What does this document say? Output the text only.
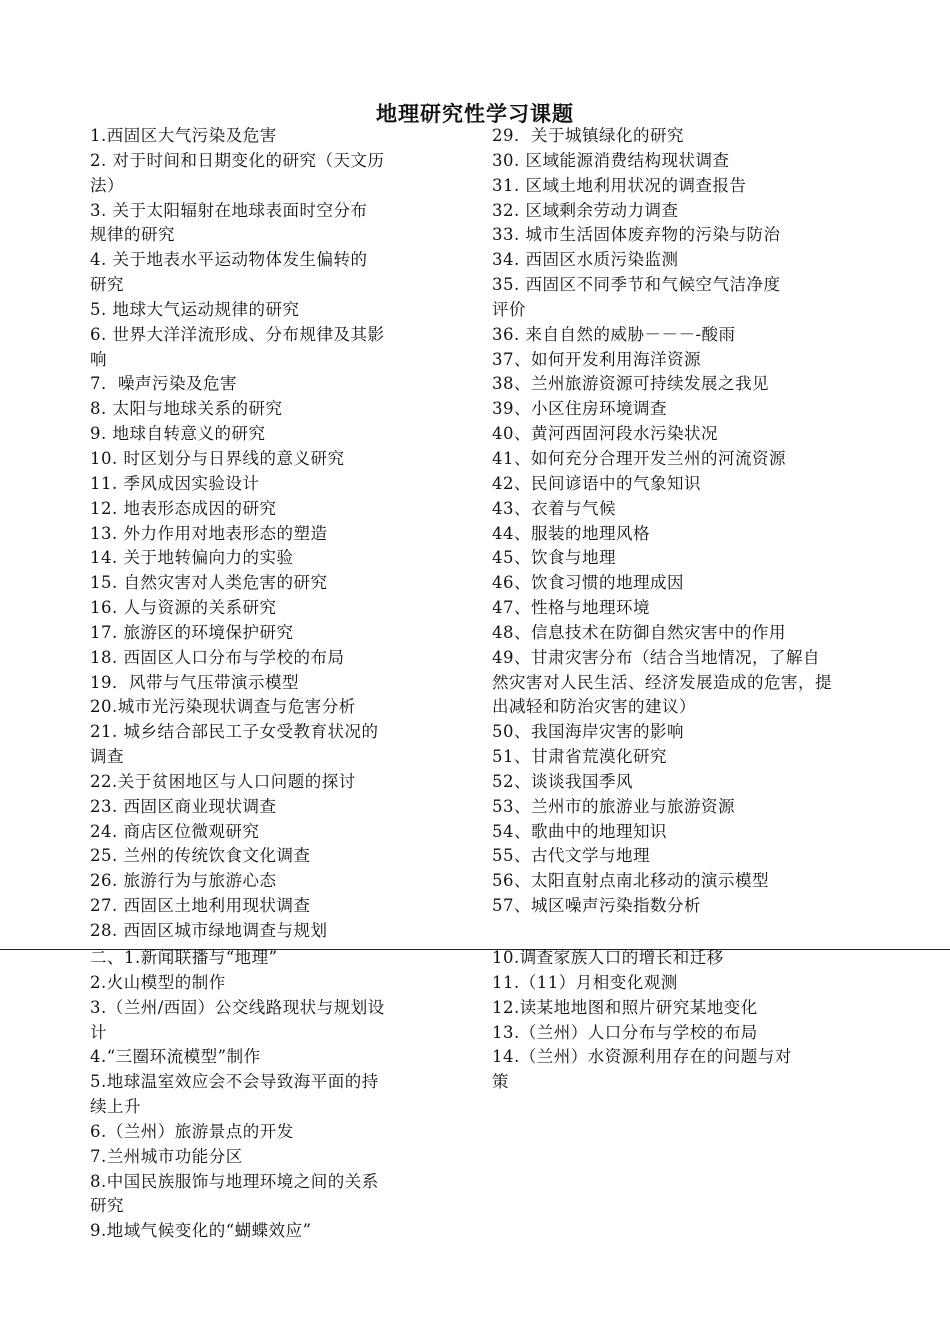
地理研究性学习课题
1.西固区大气污染及危害
2. 对于时间和日期变化的研究（天文历
法）
3. 关于太阳辐射在地球表面时空分布
规律的研究
4. 关于地表水平运动物体发生偏转的
研究
5. 地球大气运动规律的研究
6. 世界大洋洋流形成、分布规律及其影
响
7．噪声污染及危害
8. 太阳与地球关系的研究
9. 地球自转意义的研究
10. 时区划分与日界线的意义研究
11. 季风成因实验设计
12. 地表形态成因的研究
13. 外力作用对地表形态的塑造
14. 关于地转偏向力的实验
15. 自然灾害对人类危害的研究
16. 人与资源的关系研究
17. 旅游区的环境保护研究
18. 西固区人口分布与学校的布局
19．风带与气压带演示模型
20.城市光污染现状调查与危害分析
21. 城乡结合部民工子女受教育状况的
调查
22.关于贫困地区与人口问题的探讨
23. 西固区商业现状调查
24. 商店区位微观研究
25. 兰州的传统饮食文化调查
26. 旅游行为与旅游心态
27. 西固区土地利用现状调查
28. 西固区城市绿地调查与规划
29．关于城镇绿化的研究
30. 区域能源消费结构现状调查
31. 区域土地利用状况的调查报告
32. 区域剩余劳动力调查
33. 城市生活固体废弃物的污染与防治
34. 西固区水质污染监测
35. 西固区不同季节和气候空气洁净度
评价
36. 来自自然的威胁－－－-酸雨
37、如何开发利用海洋资源
38、兰州旅游资源可持续发展之我见
39、小区住房环境调查
40、黄河西固河段水污染状况
41、如何充分合理开发兰州的河流资源
42、民间谚语中的气象知识
43、衣着与气候
44、服装的地理风格
45、饮食与地理
46、饮食习惯的地理成因
47、性格与地理环境
48、信息技术在防御自然灾害中的作用
49、甘肃灾害分布（结合当地情况，了解自
然灾害对人民生活、经济发展造成的危害，提
出减轻和防治灾害的建议）
50、我国海岸灾害的影响
51、甘肃省荒漠化研究
52、谈谈我国季风
53、兰州市的旅游业与旅游资源
54、歌曲中的地理知识
55、古代文学与地理
56、太阳直射点南北移动的演示模型
57、城区噪声污染指数分析
二、1.新闻联播与“地理”
2.火山模型的制作
3.（兰州/西固）公交线路现状与规划设
计
4.“三圈环流模型”制作
5.地球温室效应会不会导致海平面的持
续上升
6.（兰州）旅游景点的开发
7.兰州城市功能分区
8.中国民族服饰与地理环境之间的关系
研究
9.地域气候变化的“蝴蝶效应”
10.调查家族人口的增长和迁移
11.（11）月相变化观测
12.读某地地图和照片研究某地变化
13.（兰州）人口分布与学校的布局
14.（兰州）水资源利用存在的问题与对
策
